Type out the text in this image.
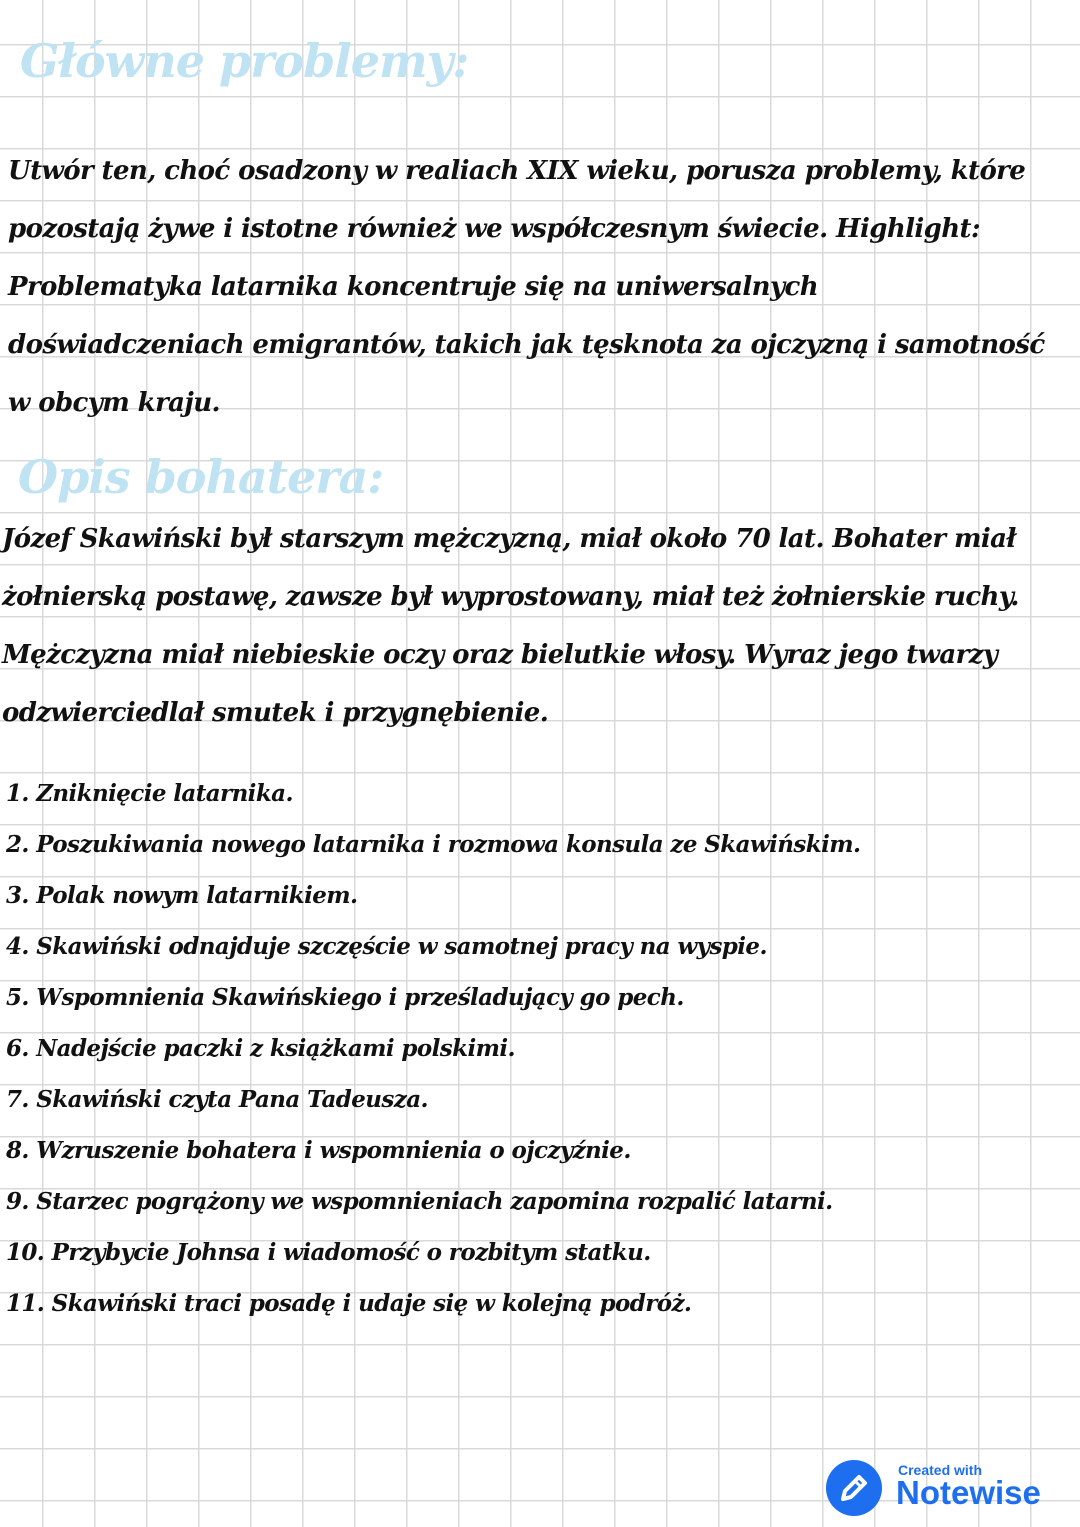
Główne problemy:

Utwór ten, choć osadzony w realiach XIX wieku, porusza problemy, które pozostają żywe i istotne również we współczesnym świecie. Highlight: Problematyka latarnika koncentruje się na uniwersalnych doświadczeniach emigrantów, takich jak tęsknota za ojczyzną i samotność w obcym kraju.

Opis bohatera:

Józef Skawiński był starszym mężczyzną, miał około 70 lat. Bohater miał żołnierską postawę, zawsze był wyprostowany, miał też żołnierskie ruchy. Mężczyzna miał niebieskie oczy oraz bielutkie włosy. Wyraz jego twarzy odzwierciedlał smutek i przygnębienie.

1. Zniknięcie latarnika.
2. Poszukiwania nowego latarnika i rozmowa konsula ze Skawińskim.
3. Polak nowym latarnikiem.
4. Skawiński odnajduje szczęście w samotnej pracy na wyspie.
5. Wspomnienia Skawińskiego i prześladujący go pech.
6. Nadejście paczki z książkami polskimi.
7. Skawiński czyta Pana Tadeusza.
8. Wzruszenie bohatera i wspomnienia o ojczyźnie.
9. Starzec pogrążony we wspomnieniach zapomina rozpalić latarni.
10. Przybycie Johnsa i wiadomość o rozbitym statku.
11. Skawiński traci posadę i udaje się w kolejną podróż.
Created with
Notewise
